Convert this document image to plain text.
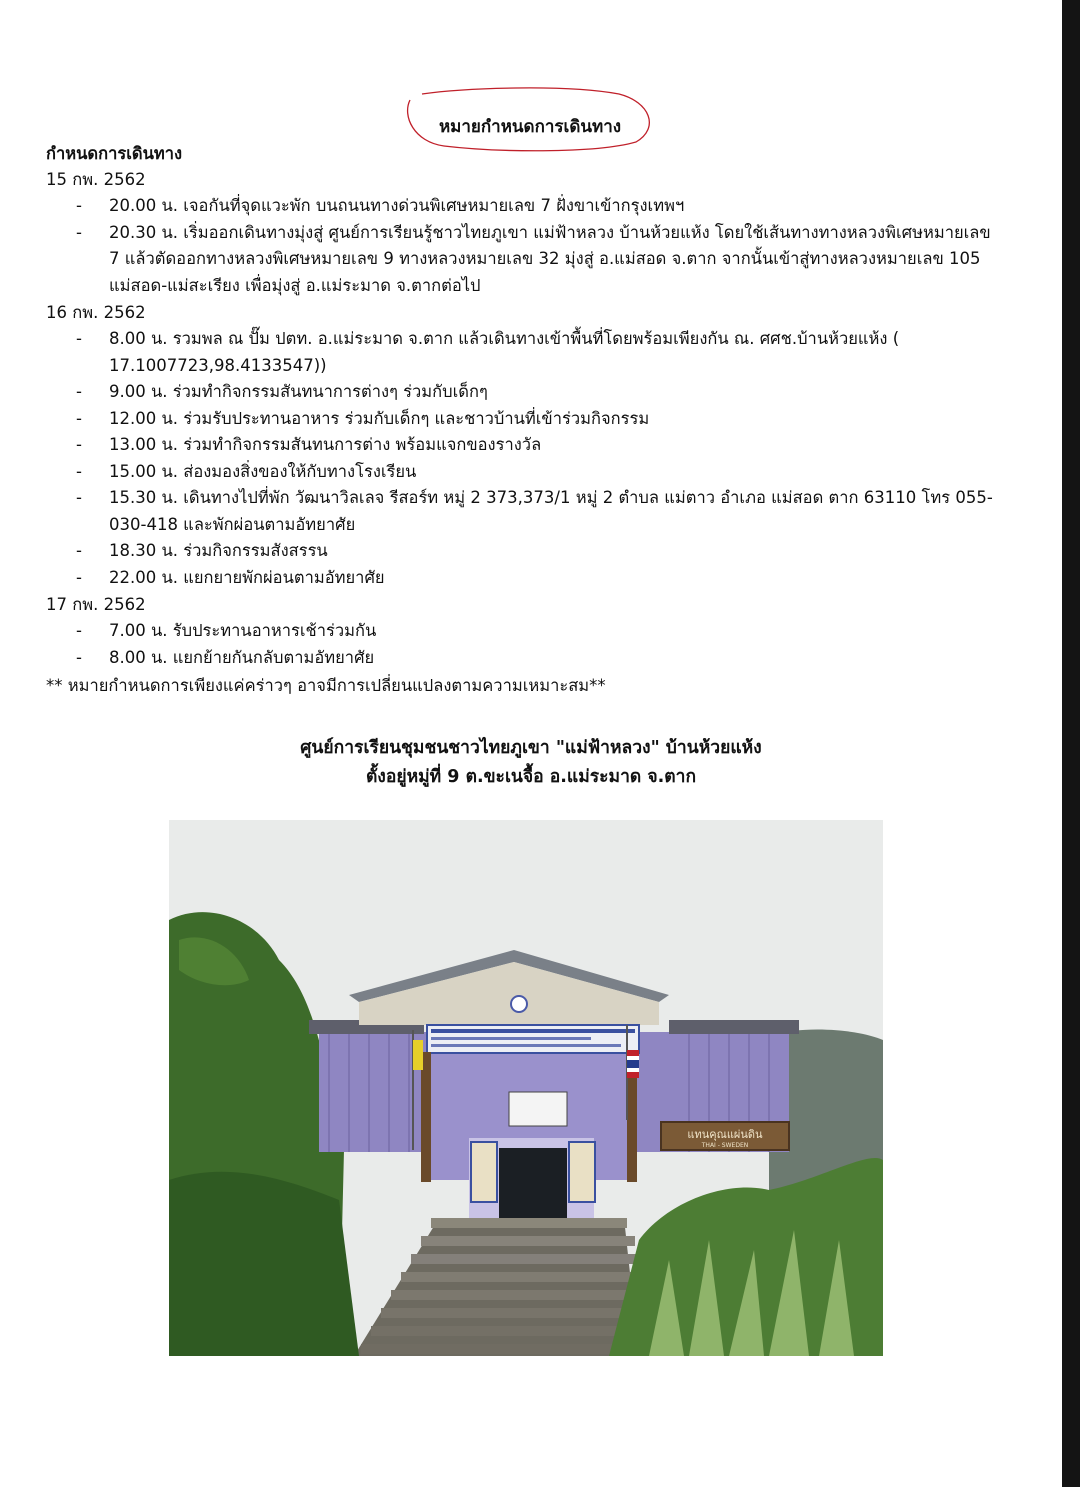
หมายกำหนดการเดินทาง
กำหนดการเดินทาง
15 กพ. 2562
- 20.00 น. เจอกันที่จุดแวะพัก บนถนนทางด่วนพิเศษหมายเลข 7 ฝั่งขาเข้ากรุงเทพฯ
- 20.30 น. เริ่มออกเดินทางมุ่งสู่ ศูนย์การเรียนรู้ชาวไทยภูเขา แม่ฟ้าหลวง บ้านห้วยแห้ง โดยใช้เส้นทางทางหลวงพิเศษหมายเลข 7 แล้วตัดออกทางหลวงพิเศษหมายเลข 9 ทางหลวงหมายเลข 32 มุ่งสู่ อ.แม่สอด จ.ตาก จากนั้นเข้าสู่ทางหลวงหมายเลข 105 แม่สอด-แม่สะเรียง เพื่อมุ่งสู่ อ.แม่ระมาด จ.ตากต่อไป
16 กพ. 2562
- 8.00 น. รวมพล ณ ปั๊ม ปตท. อ.แม่ระมาด จ.ตาก แล้วเดินทางเข้าพื้นที่โดยพร้อมเพียงกัน ณ. ศศช.บ้านห้วยแห้ง ( 17.1007723,98.4133547))
- 9.00 น. ร่วมทำกิจกรรมสันทนาการต่างๆ ร่วมกับเด็กๆ
- 12.00 น. ร่วมรับประทานอาหาร ร่วมกับเด็กๆ และชาวบ้านที่เข้าร่วมกิจกรรม
- 13.00 น. ร่วมทำกิจกรรมสันทนการต่าง พร้อมแจกของรางวัล
- 15.00 น. ส่องมองสิ่งของให้กับทางโรงเรียน
- 15.30 น. เดินทางไปที่พัก วัฒนาวิลเลจ รีสอร์ท หมู่ 2 373,373/1 หมู่ 2 ตำบล แม่ตาว อำเภอ แม่สอด ตาก 63110 โทร 055-030-418 และพักผ่อนตามอัทยาศัย
- 18.30 น. ร่วมกิจกรรมสังสรรน
- 22.00 น. แยกยายพักผ่อนตามอัทยาศัย
17 กพ. 2562
- 7.00 น. รับประทานอาหารเช้าร่วมกัน
- 8.00 น. แยกย้ายกันกลับตามอัทยาศัย
** หมายกำหนดการเพียงแค่คร่าวๆ อาจมีการเปลี่ยนแปลงตามความเหมาะสม**
ศูนย์การเรียนชุมชนชาวไทยภูเขา "แม่ฟ้าหลวง" บ้านห้วยแห้ง
ตั้งอยู่หมู่ที่ 9 ต.ขะเนจื้อ อ.แม่ระมาด จ.ตาก
แทนคุณแผ่นดิน
THAI - SWEDEN
